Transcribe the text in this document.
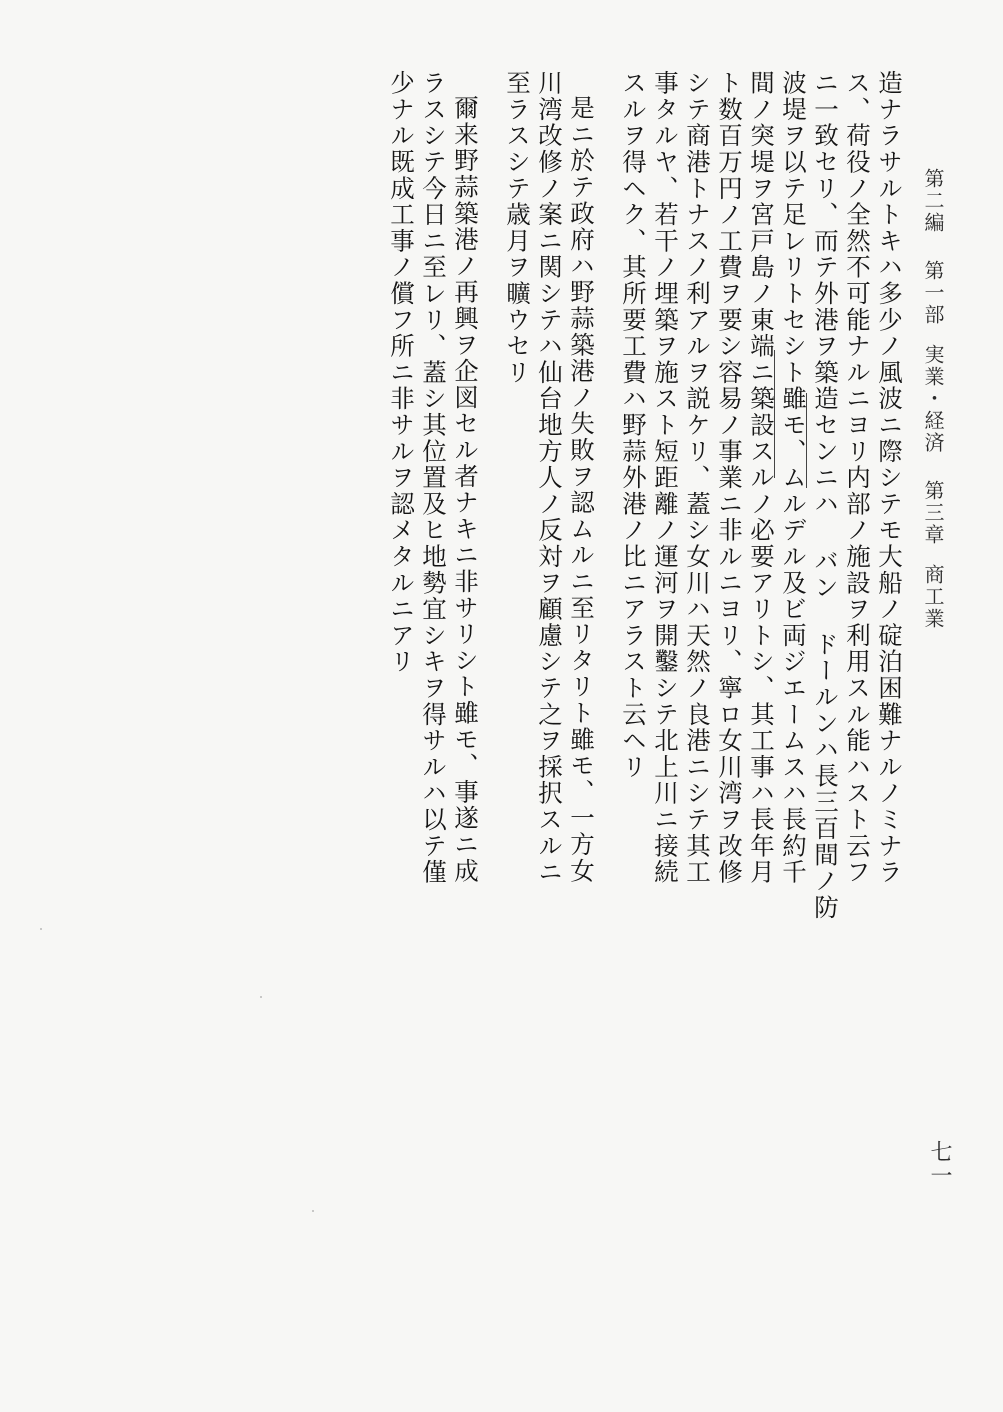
第二編第一部実業・経済第三章商工業
七一

造ナラサルトキハ多少ノ風波ニ際シテモ大船ノ碇泊困難ナルノミナラ

ス、荷役ノ全然不可能ナルニヨリ内部ノ施設ヲ利用スル能ハスト云フ

ニ一致セリ、而テ外港ヲ築造センニハ バン ドールンハ長三百間ノ防

波堤ヲ以テ足レリトセシト雖モ、ムルデル及ビ両ジエームスハ長約千

間ノ突堤ヲ宮戸島ノ東端ニ築設スルノ必要アリトシ、其工事ハ長年月

ト数百万円ノ工費ヲ要シ容易ノ事業ニ非ルニヨリ、寧ロ女川湾ヲ改修

シテ商港トナスノ利アルヲ説ケリ、蓋シ女川ハ天然ノ良港ニシテ其工

事タルヤ、若干ノ埋築ヲ施スト短距離ノ運河ヲ開鑿シテ北上川ニ接続

スルヲ得ヘク、其所要工費ハ野蒜外港ノ比ニアラスト云ヘリ

是ニ於テ政府ハ野蒜築港ノ失敗ヲ認ムルニ至リタリト雖モ、一方女

川湾改修ノ案ニ関シテハ仙台地方人ノ反対ヲ顧慮シテ之ヲ採択スルニ

至ラスシテ歳月ヲ曠ウセリ

爾来野蒜築港ノ再興ヲ企図セル者ナキニ非サリシト雖モ、事遂ニ成

ラスシテ今日ニ至レリ、蓋シ其位置及ヒ地勢宜シキヲ得サルハ以テ僅

少ナル既成工事ノ償フ所ニ非サルヲ認メタルニアリ
